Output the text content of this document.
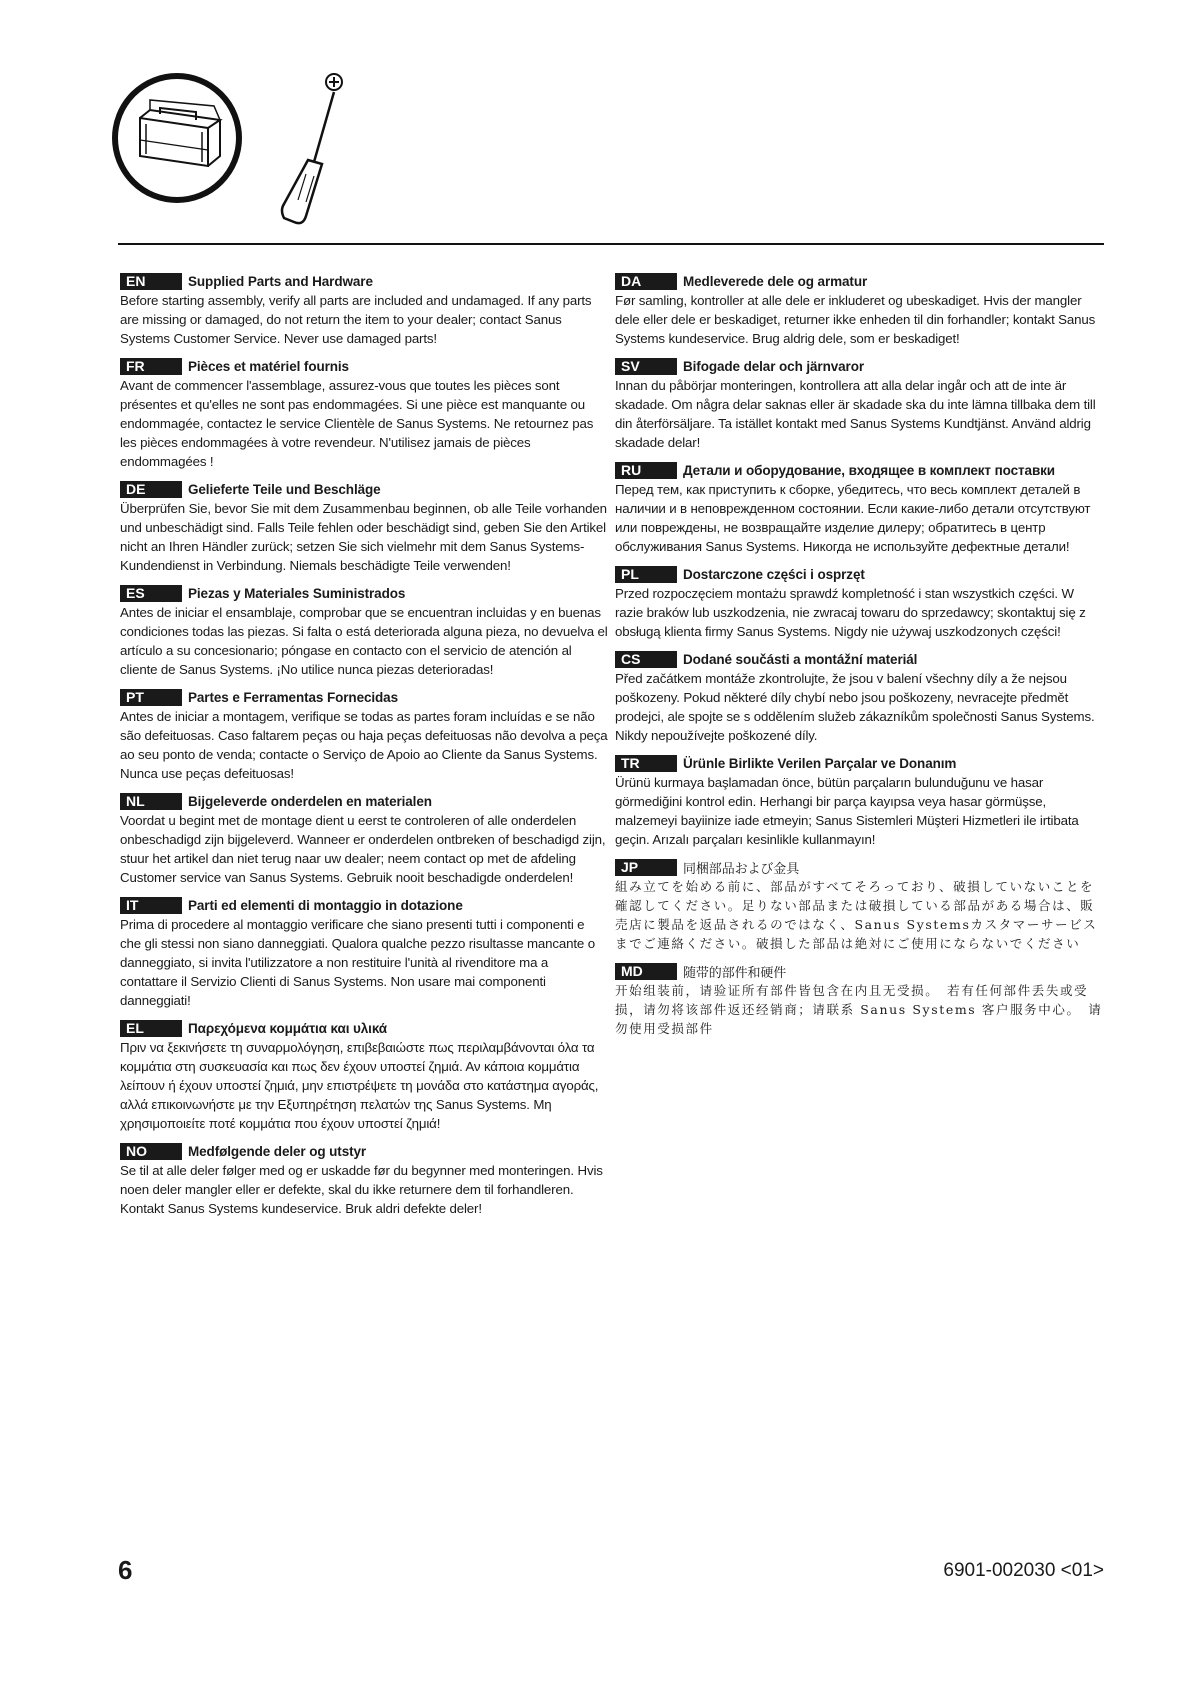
EN	Supplied Parts and Hardware
Before starting assembly, verify all parts are included and undamaged. If any parts are missing or damaged, do not return the item to your dealer; contact Sanus Systems Customer Service. Never use damaged parts!
FR	Pièces et matériel fournis
Avant de commencer l'assemblage, assurez-vous que toutes les pièces sont présentes et qu'elles ne sont pas endommagées. Si une pièce est manquante ou endommagée, contactez le service Clientèle de Sanus Systems. Ne retournez pas les pièces endommagées à votre revendeur. N'utilisez jamais de pièces endommagées !
DE	Gelieferte Teile und Beschläge
Überprüfen Sie, bevor Sie mit dem Zusammenbau beginnen, ob alle Teile vorhanden und unbeschädigt sind. Falls Teile fehlen oder beschädigt sind, geben Sie den Artikel nicht an Ihren Händler zurück; setzen Sie sich vielmehr mit dem Sanus Systems-Kundendienst in Verbindung. Niemals beschädigte Teile verwenden!
ES	Piezas y Materiales Suministrados
Antes de iniciar el ensamblaje, comprobar que se encuentran incluidas y en buenas condiciones todas las piezas. Si falta o está deteriorada alguna pieza, no devuelva el artículo a su concesionario; póngase en contacto con el servicio de atención al cliente de Sanus Systems. ¡No utilice nunca piezas deterioradas!
PT	Partes e Ferramentas Fornecidas
Antes de iniciar a montagem, verifique se todas as partes foram incluídas e se não são defeituosas. Caso faltarem peças ou haja peças defeituosas não devolva a peça ao seu ponto de venda; contacte o Serviço de Apoio ao Cliente da Sanus Systems. Nunca use peças defeituosas!
NL	Bijgeleverde onderdelen en materialen
Voordat u begint met de montage dient u eerst te controleren of alle onderdelen onbeschadigd zijn bijgeleverd. Wanneer er onderdelen ontbreken of beschadigd zijn, stuur het artikel dan niet terug naar uw dealer; neem contact op met de afdeling Customer service van Sanus Systems. Gebruik nooit beschadigde onderdelen!
IT	Parti ed elementi di montaggio in dotazione
Prima di procedere al montaggio verificare che siano presenti tutti i componenti e che gli stessi non siano danneggiati. Qualora qualche pezzo risultasse mancante o danneggiato, si invita l'utilizzatore a non restituire l'unità al rivenditore ma a contattare il Servizio Clienti di Sanus Systems. Non usare mai componenti danneggiati!
EL	Παρεχόμενα κομμάτια και υλικά
Πριν να ξεκινήσετε τη συναρμολόγηση, επιβεβαιώστε πως περιλαμβάνονται όλα τα κομμάτια στη συσκευασία και πως δεν έχουν υποστεί ζημιά. Αν κάποια κομμάτια λείπουν ή έχουν υποστεί ζημιά, μην επιστρέψετε τη μονάδα στο κατάστημα αγοράς, αλλά επικοινωνήστε με την Εξυπηρέτηση πελατών της Sanus Systems. Μη χρησιμοποιείτε ποτέ κομμάτια που έχουν υποστεί ζημιά!
NO	Medfølgende deler og utstyr
Se til at alle deler følger med og er uskadde før du begynner med monteringen. Hvis noen deler mangler eller er defekte, skal du ikke returnere dem til forhandleren. Kontakt Sanus Systems kundeservice. Bruk aldri defekte deler!
DA	Medleverede dele og armatur
Før samling, kontroller at alle dele er inkluderet og ubeskadiget. Hvis der mangler dele eller dele er beskadiget, returner ikke enheden til din forhandler; kontakt Sanus Systems kundeservice. Brug aldrig dele, som er beskadiget!
SV	Bifogade delar och järnvaror
Innan du påbörjar monteringen, kontrollera att alla delar ingår och att de inte är skadade. Om några delar saknas eller är skadade ska du inte lämna tillbaka dem till din återförsäljare. Ta istället kontakt med Sanus Systems Kundtjänst. Använd aldrig skadade delar!
RU	Детали и оборудование, входящее в комплект поставки
Перед тем, как приступить к сборке, убедитесь, что весь комплект деталей в наличии и в неповрежденном состоянии. Если какие-либо детали отсутствуют или повреждены, не возвращайте изделие дилеру; обратитесь в центр обслуживания Sanus Systems. Никогда не используйте дефектные детали!
PL	Dostarczone części i osprzęt
Przed rozpoczęciem montażu sprawdź kompletność i stan wszystkich części. W razie braków lub uszkodzenia, nie zwracaj towaru do sprzedawcy; skontaktuj się z obsługą klienta firmy Sanus Systems. Nigdy nie używaj uszkodzonych części!
CS	Dodané součásti a montážní materiál
Před začátkem montáže zkontrolujte, že jsou v balení všechny díly a že nejsou poškozeny. Pokud některé díly chybí nebo jsou poškozeny, nevracejte předmět prodejci, ale spojte se s oddělením služeb zákazníkům společnosti Sanus Systems. Nikdy nepoužívejte poškozené díly.
TR	Ürünle Birlikte Verilen Parçalar ve Donanım
Ürünü kurmaya başlamadan önce, bütün parçaların bulunduğunu ve hasar görmediğini kontrol edin. Herhangi bir parça kayıpsa veya hasar görmüşse, malzemeyi bayiinize iade etmeyin; Sanus Sistemleri Müşteri Hizmetleri ile irtibata geçin. Arızalı parçaları kesinlikle kullanmayın!
JP	同梱部品および金具
組み立てを始める前に、部品がすべてそろっており、破損していないことを確認してください。足りない部品または破損している部品がある場合は、販売店に製品を返品されるのではなく、Sanus Systemsカスタマーサービスまでご連絡ください。破損した部品は絶対にご使用にならないでください
MD	随带的部件和硬件
开始组装前，请验证所有部件皆包含在内且无受损。　若有任何部件丢失或受损，请勿将该部件返还经销商；请联系 Sanus Systems 客户服务中心。　请勿使用受损部件
6	6901-002030 <01>
